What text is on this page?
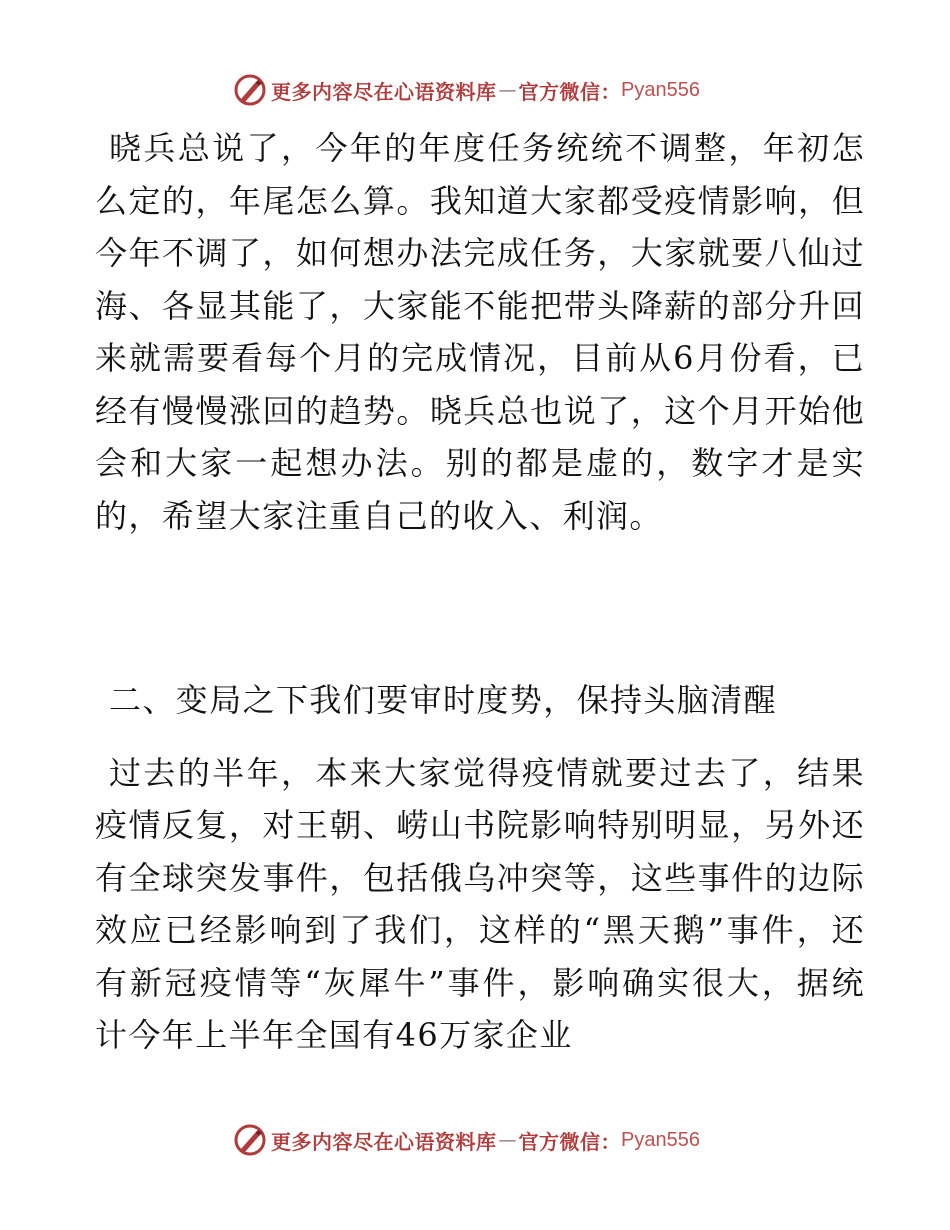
更多内容尽在心语资料库 — 官方微信： Pyan556

晓兵总说了，今年的年度任务统统不调整，年初怎么定的，年尾怎么算。我知道大家都受疫情影响，但今年不调了，如何想办法完成任务，大家就要八仙过海、各显其能了，大家能不能把带头降薪的部分升回来就需要看每个月的完成情况，目前从6月份看，已经有慢慢涨回的趋势。晓兵总也说了，这个月开始他会和大家一起想办法。别的都是虚的，数字才是实的，希望大家注重自己的收入、利润。

二、变局之下我们要审时度势，保持头脑清醒

过去的半年，本来大家觉得疫情就要过去了，结果疫情反复，对王朝、崂山书院影响特别明显，另外还有全球突发事件，包括俄乌冲突等，这些事件的边际效应已经影响到了我们，这样的“黑天鹅”事件，还有新冠疫情等“灰犀牛”事件，影响确实很大，据统计今年上半年全国有46万家企业

更多内容尽在心语资料库 — 官方微信： Pyan556
